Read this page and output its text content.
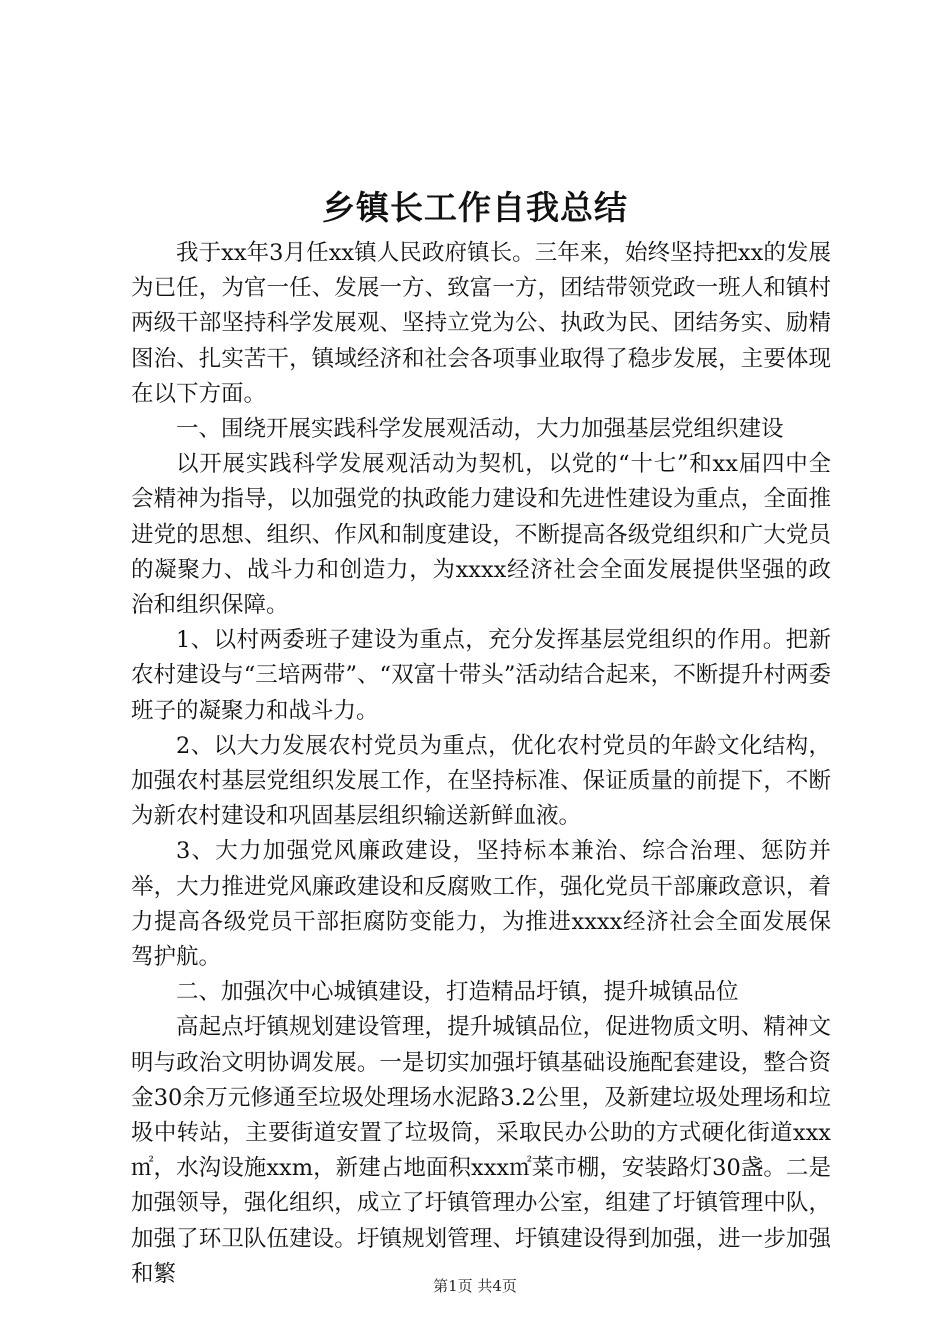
乡镇长工作自我总结

我于xx年3月任xx镇人民政府镇长。三年来，始终坚持把xx的发展为已任，为官一任、发展一方、致富一方，团结带领党政一班人和镇村两级干部坚持科学发展观、坚持立党为公、执政为民、团结务实、励精图治、扎实苦干，镇域经济和社会各项事业取得了稳步发展，主要体现在以下方面。

一、围绕开展实践科学发展观活动，大力加强基层党组织建设

以开展实践科学发展观活动为契机，以党的“十七”和xx届四中全会精神为指导，以加强党的执政能力建设和先进性建设为重点，全面推进党的思想、组织、作风和制度建设，不断提高各级党组织和广大党员的凝聚力、战斗力和创造力，为xxxx经济社会全面发展提供坚强的政治和组织保障。

1、以村两委班子建设为重点，充分发挥基层党组织的作用。把新农村建设与“三培两带”、“双富十带头”活动结合起来，不断提升村两委班子的凝聚力和战斗力。

2、以大力发展农村党员为重点，优化农村党员的年龄文化结构，加强农村基层党组织发展工作，在坚持标准、保证质量的前提下，不断为新农村建设和巩固基层组织输送新鲜血液。

3、大力加强党风廉政建设，坚持标本兼治、综合治理、惩防并举，大力推进党风廉政建设和反腐败工作，强化党员干部廉政意识，着力提高各级党员干部拒腐防变能力，为推进xxxx经济社会全面发展保驾护航。

二、加强次中心城镇建设，打造精品圩镇，提升城镇品位

高起点圩镇规划建设管理，提升城镇品位，促进物质文明、精神文明与政治文明协调发展。一是切实加强圩镇基础设施配套建设，整合资金30余万元修通至垃圾处理场水泥路3.2公里，及新建垃圾处理场和垃圾中转站，主要街道安置了垃圾筒，采取民办公助的方式硬化街道xxx㎡，水沟设施xxm，新建占地面积xxx㎡菜市棚，安装路灯30盏。二是加强领导，强化组织，成立了圩镇管理办公室，组建了圩镇管理中队，加强了环卫队伍建设。圩镇规划管理、圩镇建设得到加强，进一步加强和繁	第1页 共4页
